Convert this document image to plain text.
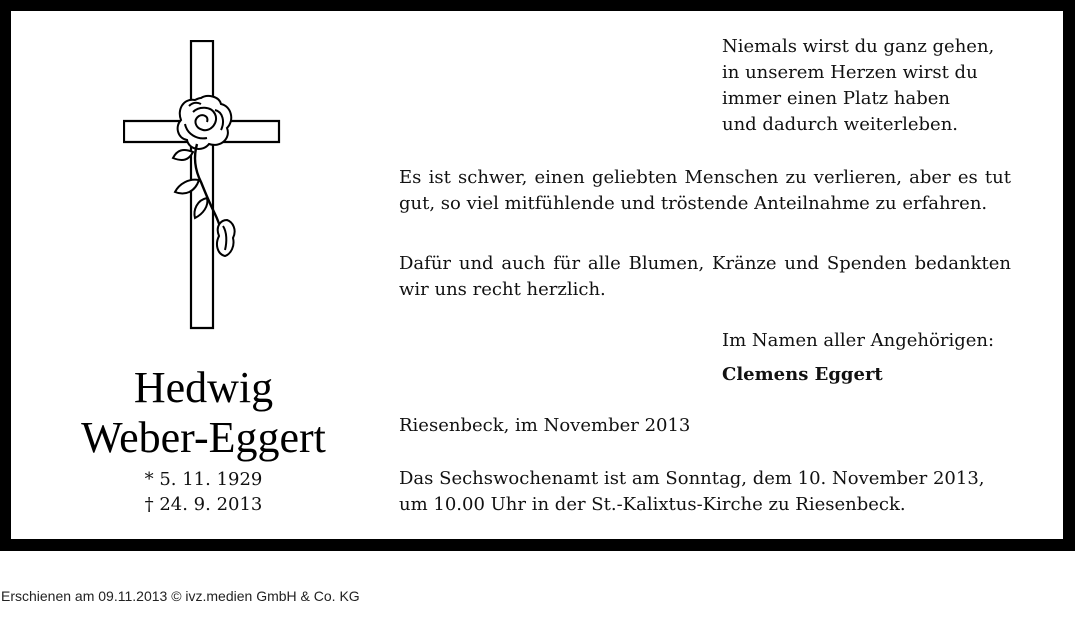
Hedwig
Weber-Eggert
* 5. 11. 1929
† 24. 9. 2013
Niemals wirst du ganz gehen,
in unserem Herzen wirst du
immer einen Platz haben
und dadurch weiterleben.
Es ist schwer, einen geliebten Menschen zu verlieren, aber es tut gut, so viel mitfühlende und tröstende Anteilnahme zu erfahren.
Dafür und auch für alle Blumen, Kränze und Spenden bedankten wir uns recht herzlich.
Im Namen aller Angehörigen:
Clemens Eggert
Riesenbeck, im November 2013
Das Sechswochenamt ist am Sonntag, dem 10. November 2013,
um 10.00 Uhr in der St.-Kalixtus-Kirche zu Riesenbeck.
Erschienen am 09.11.2013 © ivz.medien GmbH & Co. KG
